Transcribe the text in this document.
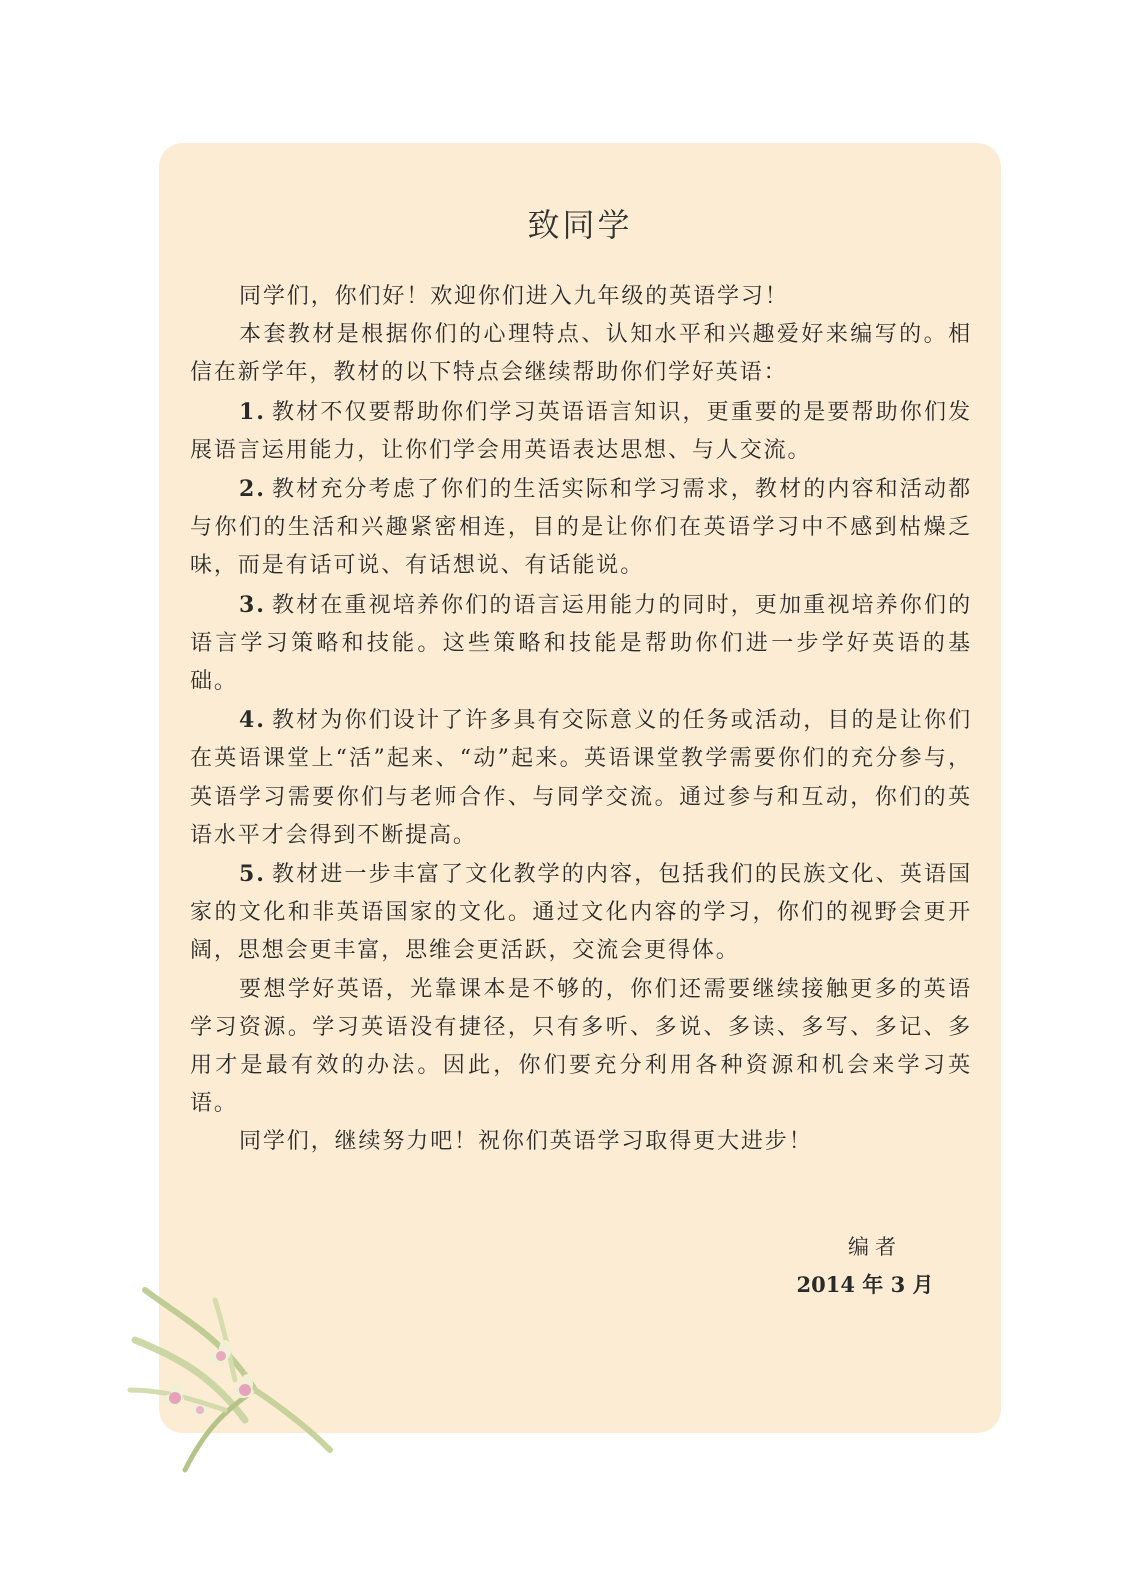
致同学

同学们，你们好！欢迎你们进入九年级的英语学习！

本套教材是根据你们的心理特点、认知水平和兴趣爱好来编写的。相信在新学年，教材的以下特点会继续帮助你们学好英语：

1. 教材不仅要帮助你们学习英语语言知识，更重要的是要帮助你们发展语言运用能力，让你们学会用英语表达思想、与人交流。

2. 教材充分考虑了你们的生活实际和学习需求，教材的内容和活动都与你们的生活和兴趣紧密相连，目的是让你们在英语学习中不感到枯燥乏味，而是有话可说、有话想说、有话能说。

3. 教材在重视培养你们的语言运用能力的同时，更加重视培养你们的语言学习策略和技能。这些策略和技能是帮助你们进一步学好英语的基础。

4. 教材为你们设计了许多具有交际意义的任务或活动，目的是让你们在英语课堂上“活”起来、“动”起来。英语课堂教学需要你们的充分参与，英语学习需要你们与老师合作、与同学交流。通过参与和互动，你们的英语水平才会得到不断提高。

5. 教材进一步丰富了文化教学的内容，包括我们的民族文化、英语国家的文化和非英语国家的文化。通过文化内容的学习，你们的视野会更开阔，思想会更丰富，思维会更活跃，交流会更得体。

要想学好英语，光靠课本是不够的，你们还需要继续接触更多的英语学习资源。学习英语没有捷径，只有多听、多说、多读、多写、多记、多用才是最有效的办法。因此，你们要充分利用各种资源和机会来学习英语。

同学们，继续努力吧！祝你们英语学习取得更大进步！

编者

2014 年 3 月
